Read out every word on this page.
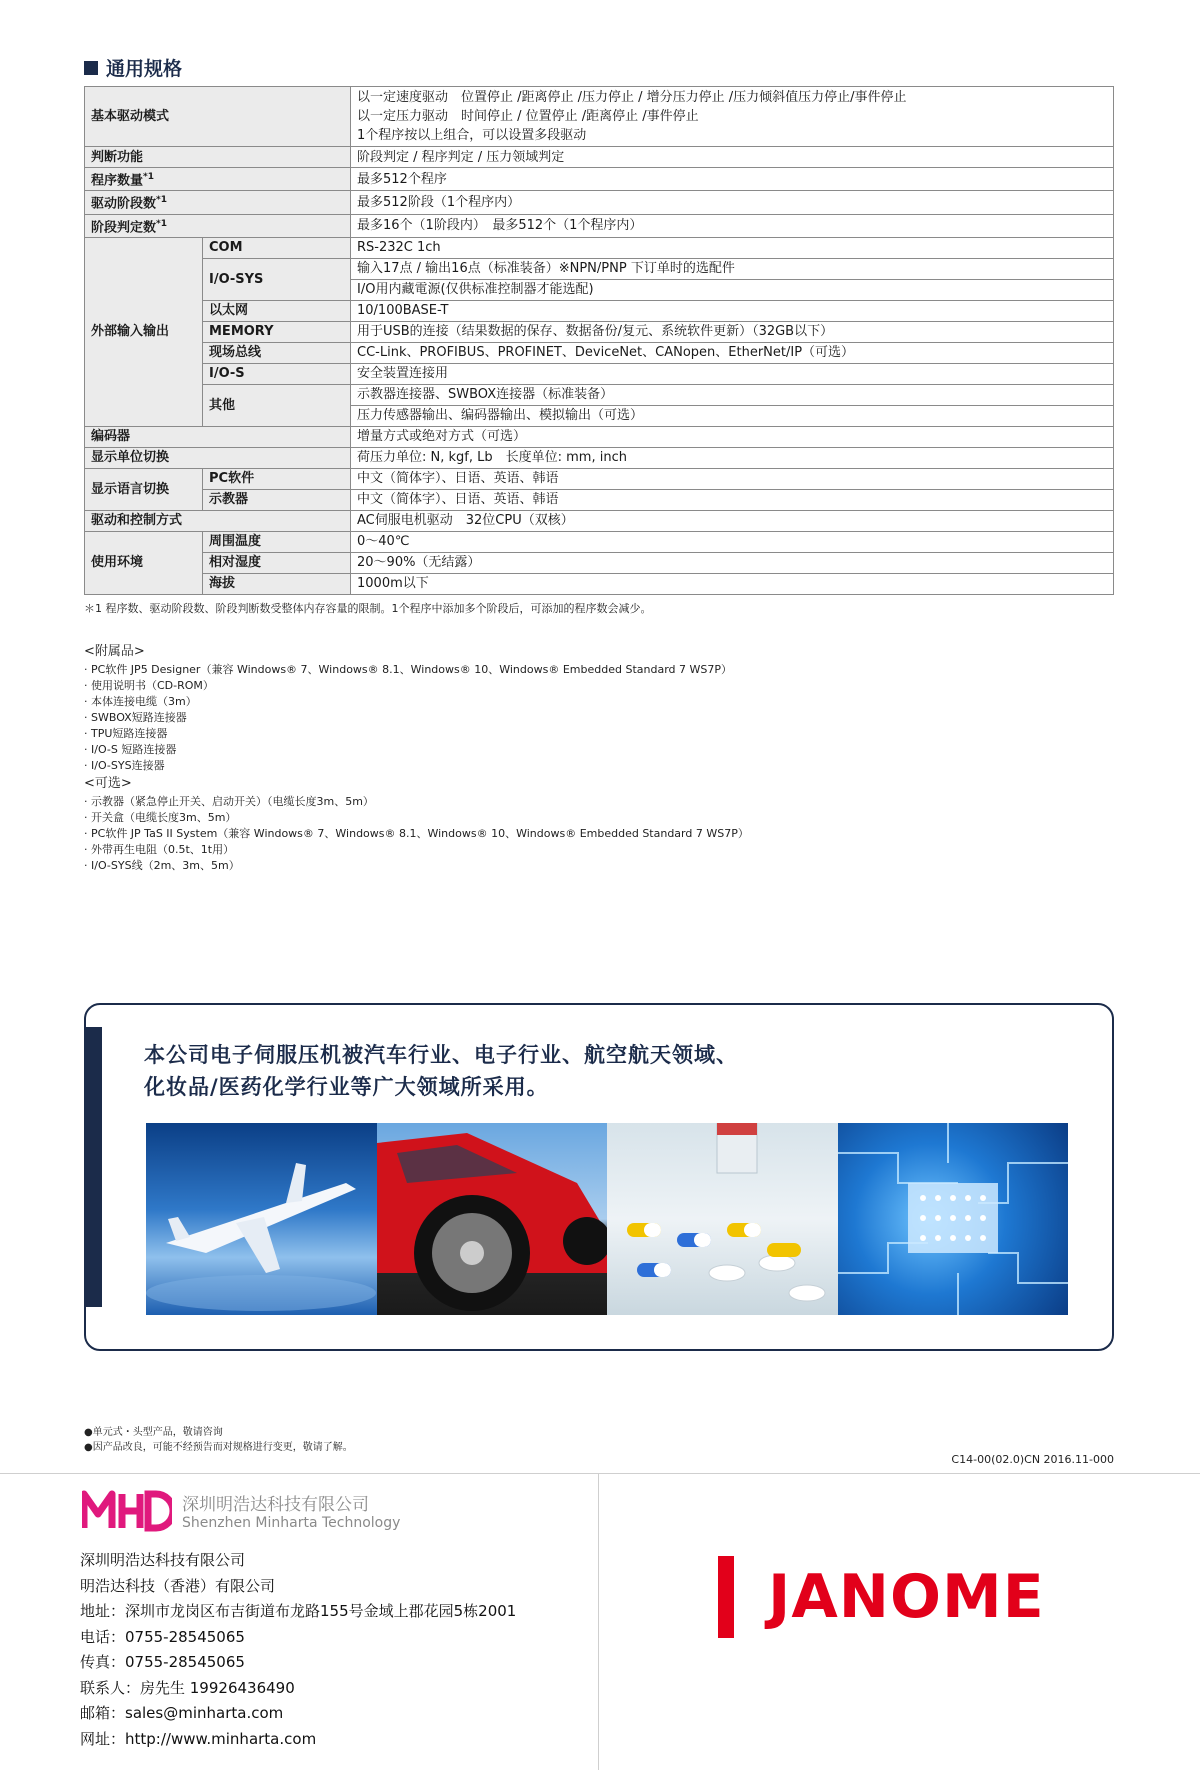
通用规格
基本驱动模式		以一定速度驱动　位置停止 /距离停止 /压力停止 / 增分压力停止 /压力倾斜值压力停止/事件停止
以一定压力驱动　时间停止 / 位置停止 /距离停止 /事件停止
1个程序按以上组合，可以设置多段驱动

判断功能		阶段判定 / 程序判定 / 压力领域判定
程序数量$^{*1}$		最多512个程序
驱动阶段数$^{*1}$		最多512阶段（1个程序内）
阶段判定数$^{*1}$		最多16个（1阶段内）　最多512个（1个程序内）
外部输入输出	COM	RS-232C 1ch
	I/O-SYS	输入17点 / 输出16点（标准装备）※NPN/PNP 下订单时的选配件
		I/O用内藏電源(仅供标准控制器才能选配)
	以太网	10/100BASE-T
	MEMORY	用于USB的连接（结果数据的保存、数据备份/复元、系统软件更新）（32GB以下）
	现场总线	CC-Link、PROFIBUS、PROFINET、DeviceNet、CANopen、EtherNet/IP（可选）
	I/O-S	安全装置连接用
	其他	示教器连接器、SWBOX连接器（标准装备）
		压力传感器输出、编码器输出、模拟输出（可选）
编码器		增量方式或绝对方式（可选）
显示单位切换		荷压力单位: N, kgf, Lb　长度单位: mm, inch
显示语言切换	PC软件	中文（简体字）、日语、英语、韩语
	示教器	中文（简体字）、日语、英语、韩语
驱动和控制方式		AC伺服电机驱动　32位CPU（双核）
使用环境	周围温度	0～40℃
	相对湿度	20～90%（无结露）
	海拔	1000m以下
＊1 程序数、驱动阶段数、阶段判断数受整体内存容量的限制。1个程序中添加多个阶段后，可添加的程序数会减少。
<附属品>
· PC软件 JP5 Designer（兼容 Windows® 7、Windows® 8.1、Windows® 10、Windows® Embedded Standard 7 WS7P）
· 使用说明书（CD-ROM）
· 本体连接电缆（3m）
· SWBOX短路连接器
· TPU短路连接器
· I/O-S 短路连接器
· I/O-SYS连接器
<可选>
· 示教器（紧急停止开关、启动开关）（电缆长度3m、5m）
· 开关盒（电缆长度3m、5m）
· PC软件 JP TaS II System（兼容 Windows® 7、Windows® 8.1、Windows® 10、Windows® Embedded Standard 7 WS7P）
· 外带再生电阻（0.5t、1t用）
· I/O-SYS线（2m、3m、5m）
本公司电子伺服压机被汽车行业、电子行业、航空航天领域、
化妆品/医药化学行业等广大领域所采用。
●单元式・头型产品，敬请咨询
●因产品改良，可能不经预告而对规格进行变更，敬请了解。
C14-00(02.0)CN 2016.11-000
深圳明浩达科技有限公司
Shenzhen Minharta Technology
深圳明浩达科技有限公司
明浩达科技（香港）有限公司
地址：深圳市龙岗区布吉街道布龙路155号金域上郡花园5栋2001
电话：0755-28545065
传真：0755-28545065
联系人：房先生 19926436490
邮箱：sales@minharta.com
网址：http://www.minharta.com
JANOME
